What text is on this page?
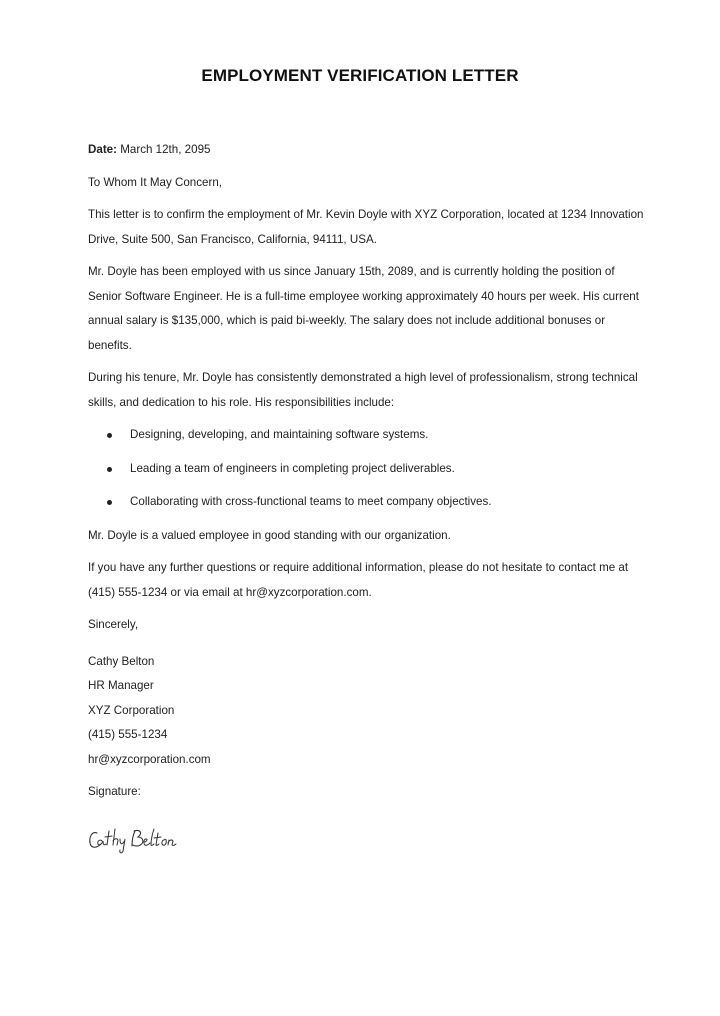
EMPLOYMENT VERIFICATION LETTER

Date: March 12th, 2095

To Whom It May Concern,

This letter is to confirm the employment of Mr. Kevin Doyle with XYZ Corporation, located at 1234 Innovation Drive, Suite 500, San Francisco, California, 94111, USA.

Mr. Doyle has been employed with us since January 15th, 2089, and is currently holding the position of Senior Software Engineer. He is a full-time employee working approximately 40 hours per week. His current annual salary is $135,000, which is paid bi-weekly. The salary does not include additional bonuses or benefits.

During his tenure, Mr. Doyle has consistently demonstrated a high level of professionalism, strong technical skills, and dedication to his role. His responsibilities include:

Designing, developing, and maintaining software systems.
Leading a team of engineers in completing project deliverables.
Collaborating with cross-functional teams to meet company objectives.

Mr. Doyle is a valued employee in good standing with our organization.

If you have any further questions or require additional information, please do not hesitate to contact me at (415) 555-1234 or via email at hr@xyzcorporation.com.

Sincerely,

Cathy Belton

HR Manager

XYZ Corporation

(415) 555-1234

hr@xyzcorporation.com

Signature:
